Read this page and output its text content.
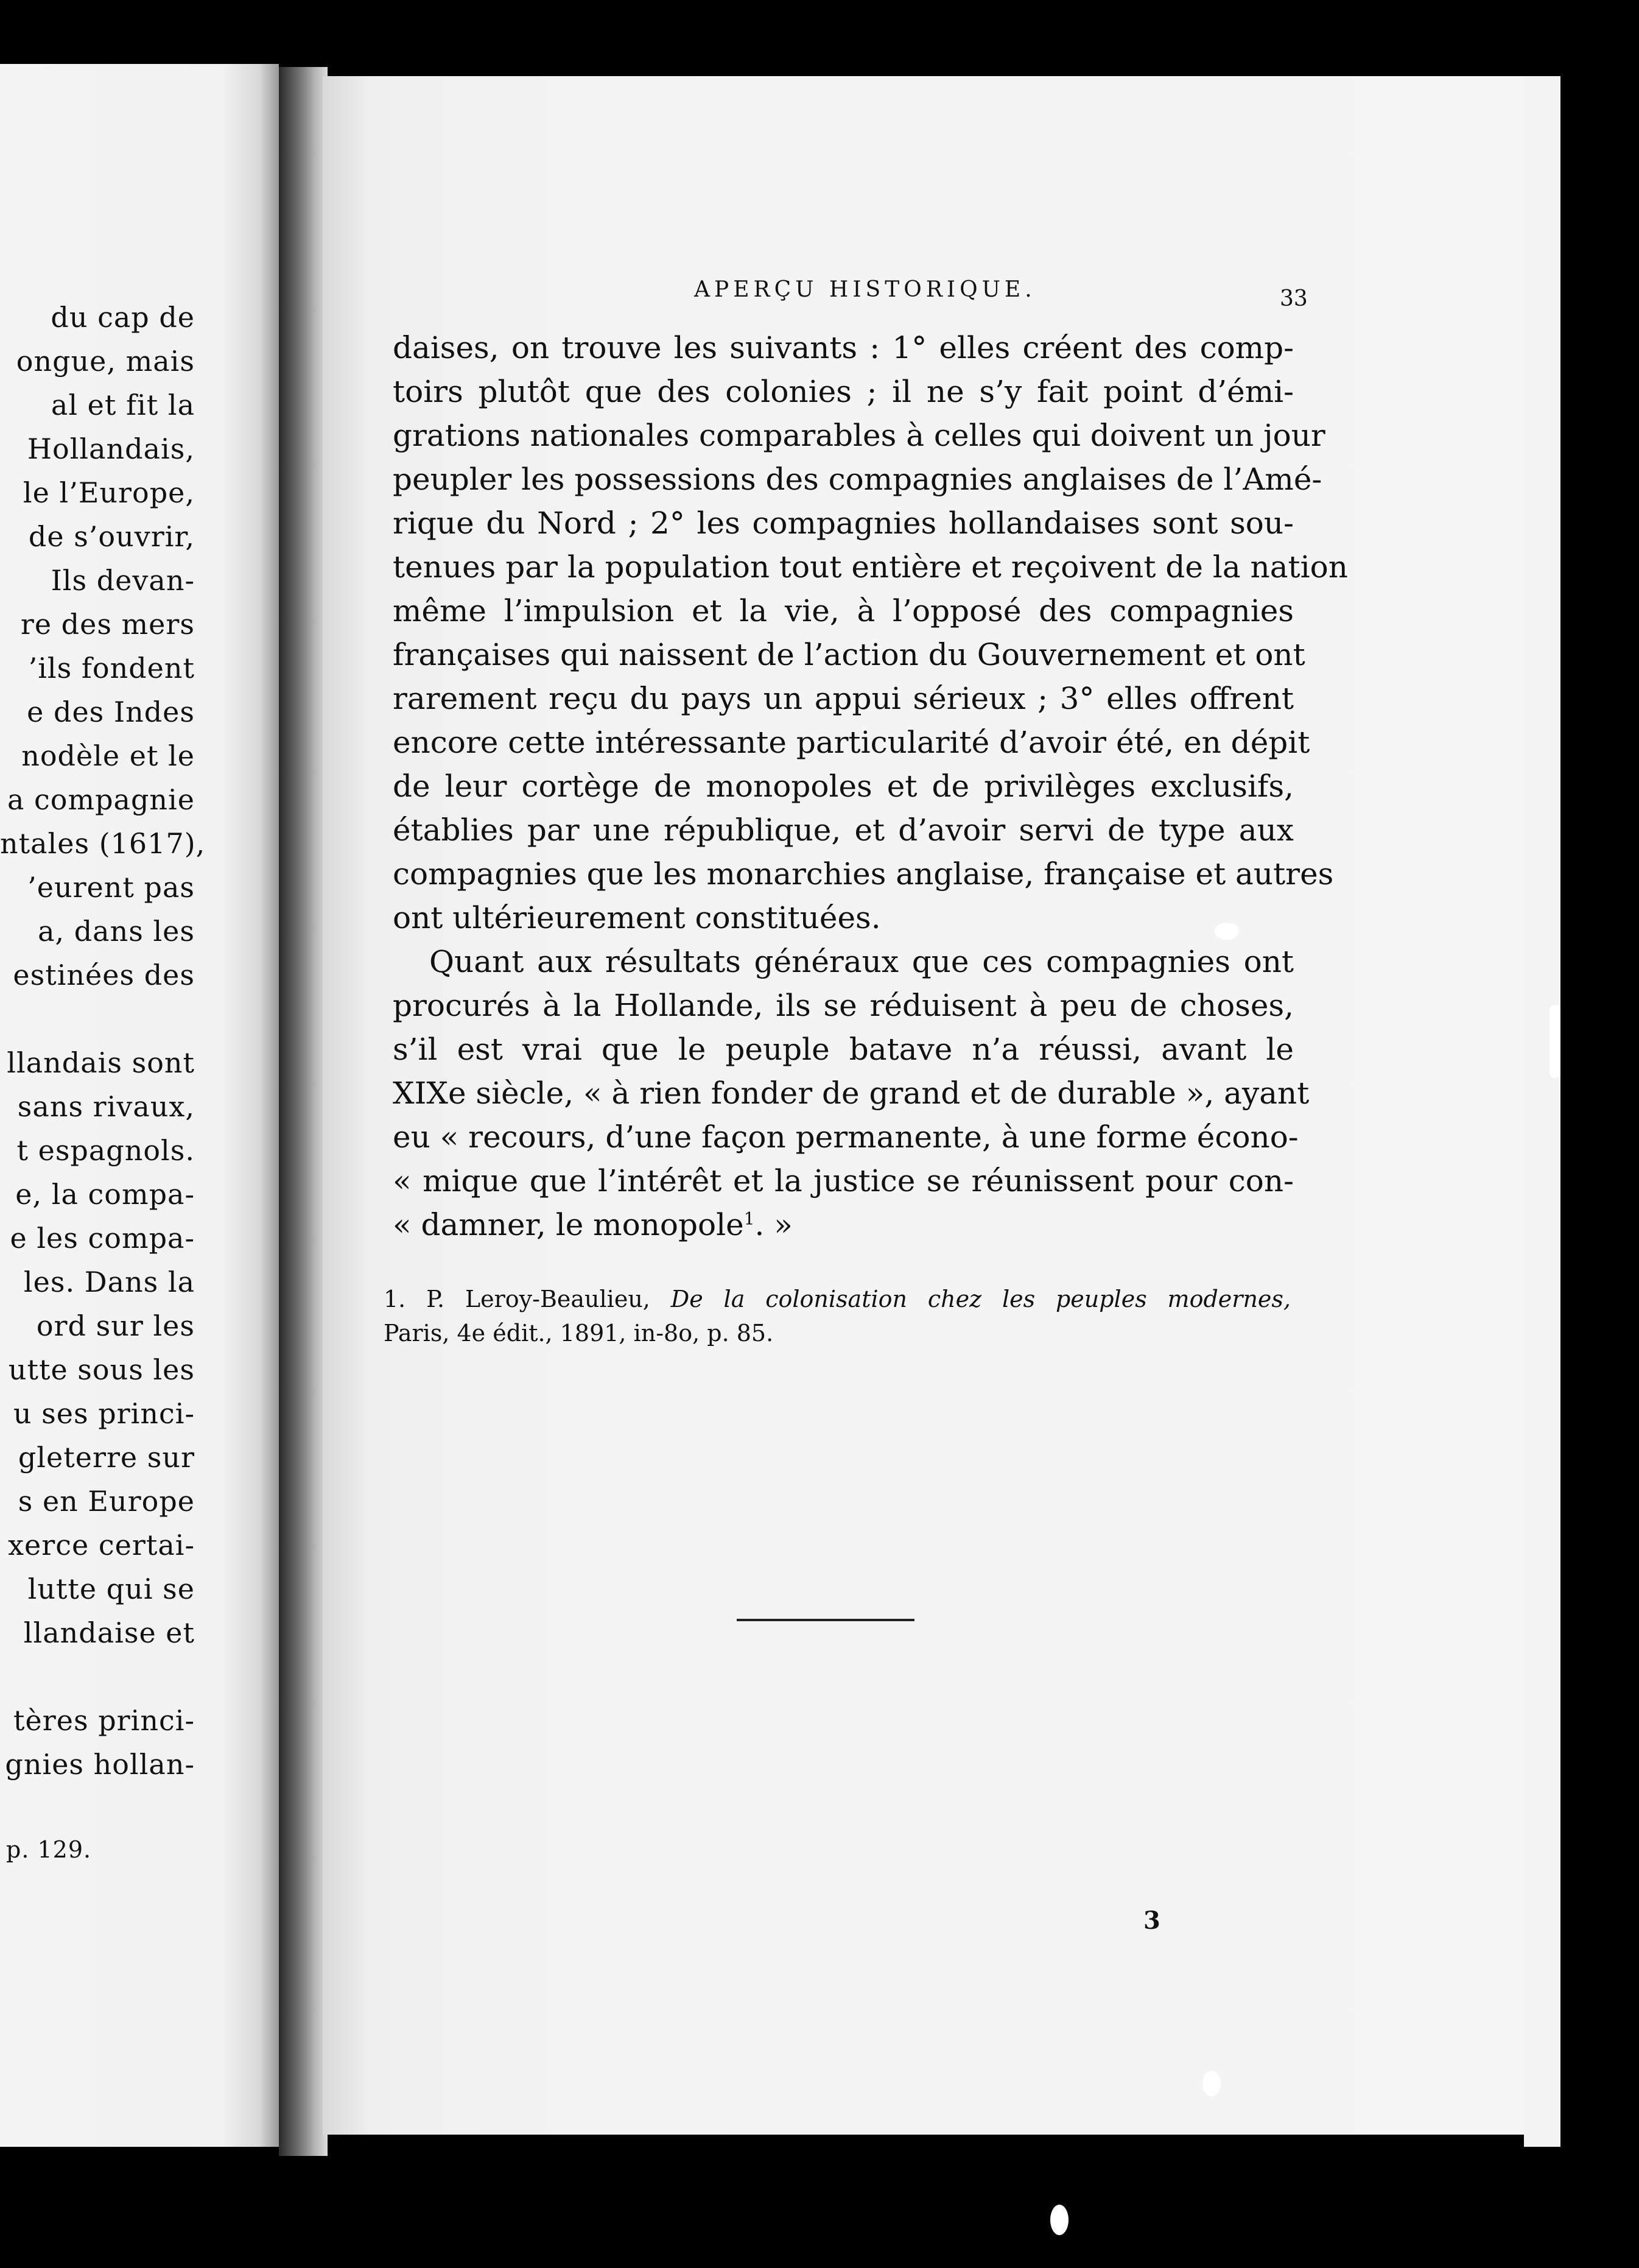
du cap de
ongue, mais
al et fit la
Hollandais,
le l’Europe,
de s’ouvrir,
Ils devan-
re des mers
’ils fondent
e des Indes
nodèle et le
a compagnie
ntales (1617),
’eurent pas
a, dans les
estinées des
llandais sont
sans rivaux,
t espagnols.
e, la compa-
e les compa-
les. Dans la
ord sur les
utte sous les
u ses princi-
gleterre sur
s en Europe
xerce certai-
lutte qui se
llandaise et
tères princi-
gnies hollan-
p. 129.
APERÇU HISTORIQUE.	33
daises, on trouve les suivants : 1° elles créent des comp-
toirs plutôt que des colonies ; il ne s’y fait point d’émi-
grations nationales comparables à celles qui doivent un jour
peupler les possessions des compagnies anglaises de l’Amé-
rique du Nord ; 2° les compagnies hollandaises sont sou-
tenues par la population tout entière et reçoivent de la nation
même l’impulsion et la vie, à l’opposé des compagnies
françaises qui naissent de l’action du Gouvernement et ont
rarement reçu du pays un appui sérieux ; 3° elles offrent
encore cette intéressante particularité d’avoir été, en dépit
de leur cortège de monopoles et de privilèges exclusifs,
établies par une république, et d’avoir servi de type aux
compagnies que les monarchies anglaise, française et autres
ont ultérieurement constituées.
Quant aux résultats généraux que ces compagnies ont
procurés à la Hollande, ils se réduisent à peu de choses,
s’il est vrai que le peuple batave n’a réussi, avant le
XIXe siècle, « à rien fonder de grand et de durable », ayant
eu « recours, d’une façon permanente, à une forme écono-
« mique que l’intérêt et la justice se réunissent pour con-
« damner, le monopole$^1$. »
1. P. Leroy-Beaulieu, De la colonisation chez les peuples modernes,
Paris, 4e édit., 1891, in-8o, p. 85.
3
